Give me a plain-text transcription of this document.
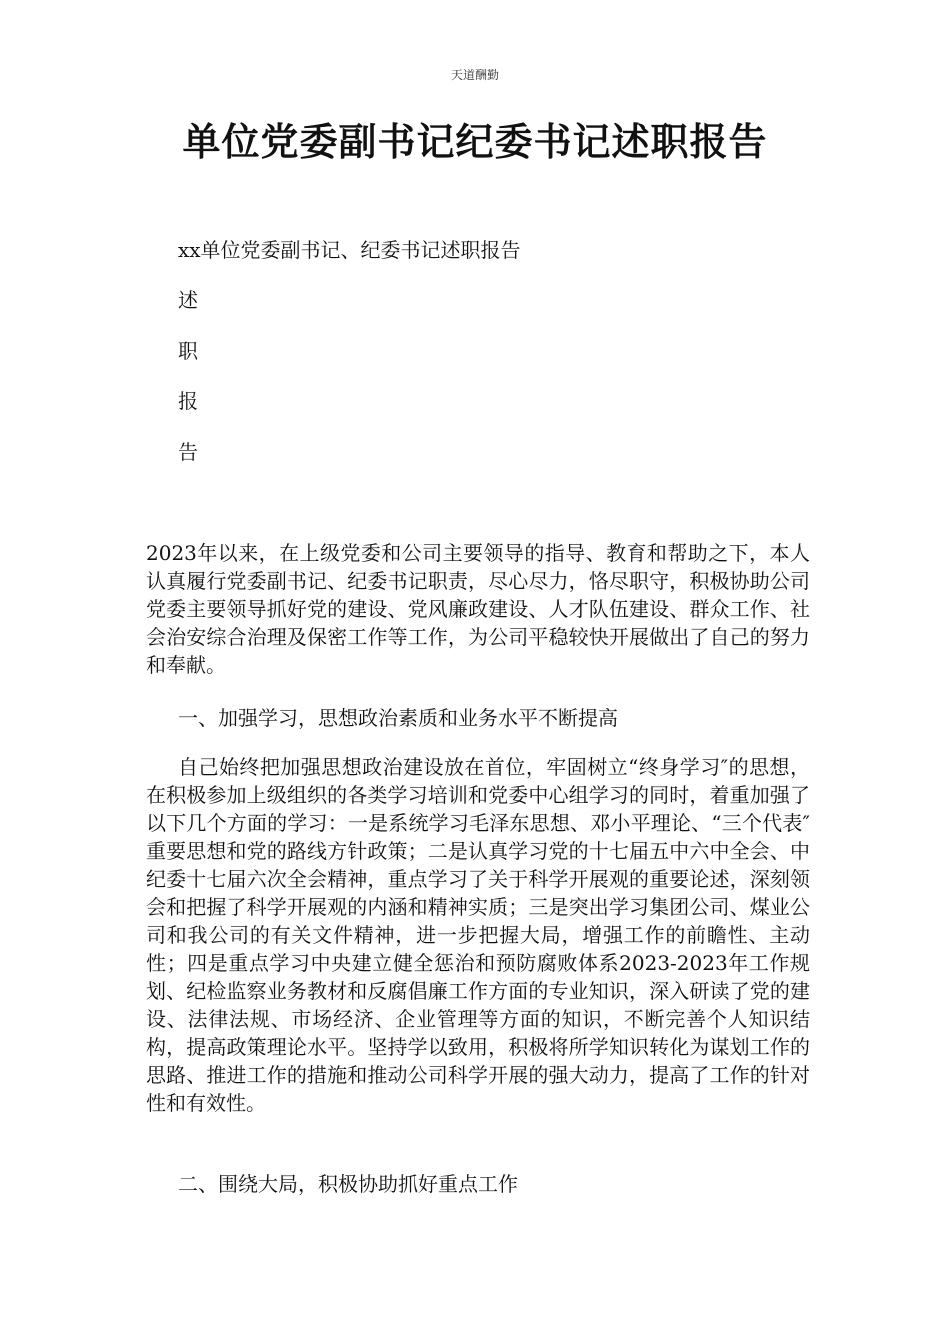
天道酬勤
单位党委副书记纪委书记述职报告
xx单位党委副书记、纪委书记述职报告
述
职
报
告

2023年以来，在上级党委和公司主要领导的指导、教育和帮助之下，本人认真履行党委副书记、纪委书记职责，尽心尽力，恪尽职守，积极协助公司党委主要领导抓好党的建设、党风廉政建设、人才队伍建设、群众工作、社会治安综合治理及保密工作等工作，为公司平稳较快开展做出了自己的努力和奉献。

一、加强学习，思想政治素质和业务水平不断提高

自己始终把加强思想政治建设放在首位，牢固树立“终身学习″的思想，在积极参加上级组织的各类学习培训和党委中心组学习的同时，着重加强了以下几个方面的学习：一是系统学习毛泽东思想、邓小平理论、“三个代表″重要思想和党的路线方针政策；二是认真学习党的十七届五中六中全会、中纪委十七届六次全会精神，重点学习了关于科学开展观的重要论述，深刻领会和把握了科学开展观的内涵和精神实质；三是突出学习集团公司、煤业公司和我公司的有关文件精神，进一步把握大局，增强工作的前瞻性、主动性；四是重点学习中央建立健全惩治和预防腐败体系2023-2023年工作规划、纪检监察业务教材和反腐倡廉工作方面的专业知识，深入研读了党的建设、法律法规、市场经济、企业管理等方面的知识，不断完善个人知识结构，提高政策理论水平。坚持学以致用，积极将所学知识转化为谋划工作的思路、推进工作的措施和推动公司科学开展的强大动力，提高了工作的针对性和有效性。

二、围绕大局，积极协助抓好重点工作
